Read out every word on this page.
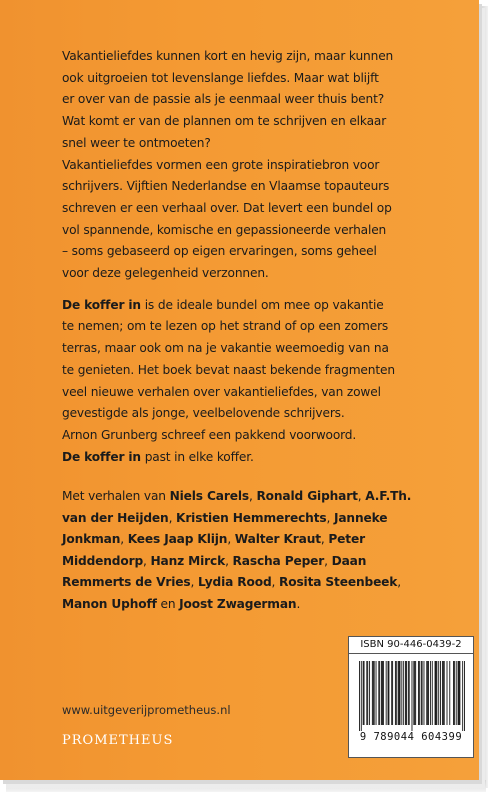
Vakantieliefdes kunnen kort en hevig zijn, maar kunnen

ook uitgroeien tot levenslange liefdes. Maar wat blijft

er over van de passie als je eenmaal weer thuis bent?

Wat komt er van de plannen om te schrijven en elkaar

snel weer te ontmoeten?

Vakantieliefdes vormen een grote inspiratiebron voor

schrijvers. Vijftien Nederlandse en Vlaamse topauteurs

schreven er een verhaal over. Dat levert een bundel op

vol spannende, komische en gepassioneerde verhalen

– soms gebaseerd op eigen ervaringen, soms geheel

voor deze gelegenheid verzonnen.

De koffer in is de ideale bundel om mee op vakantie

te nemen; om te lezen op het strand of op een zomers

terras, maar ook om na je vakantie weemoedig van na

te genieten. Het boek bevat naast bekende fragmenten

veel nieuwe verhalen over vakantieliefdes, van zowel

gevestigde als jonge, veelbelovende schrijvers.

Arnon Grunberg schreef een pakkend voorwoord.

De koffer in past in elke koffer.

Met verhalen van Niels Carels, Ronald Giphart, A.F.Th. van der Heijden, Kristien Hemmerechts, Janneke Jonkman, Kees Jaap Klijn, Walter Kraut, Peter Middendorp, Hanz Mirck, Rascha Peper, Daan Remmerts de Vries, Lydia Rood, Rosita Steenbeek, Manon Uphoff en Joost Zwagerman.

ISBN 90-446-0439-2
9 789044 604399
www.uitgeverijprometheus.nl
PROMETHEUS
